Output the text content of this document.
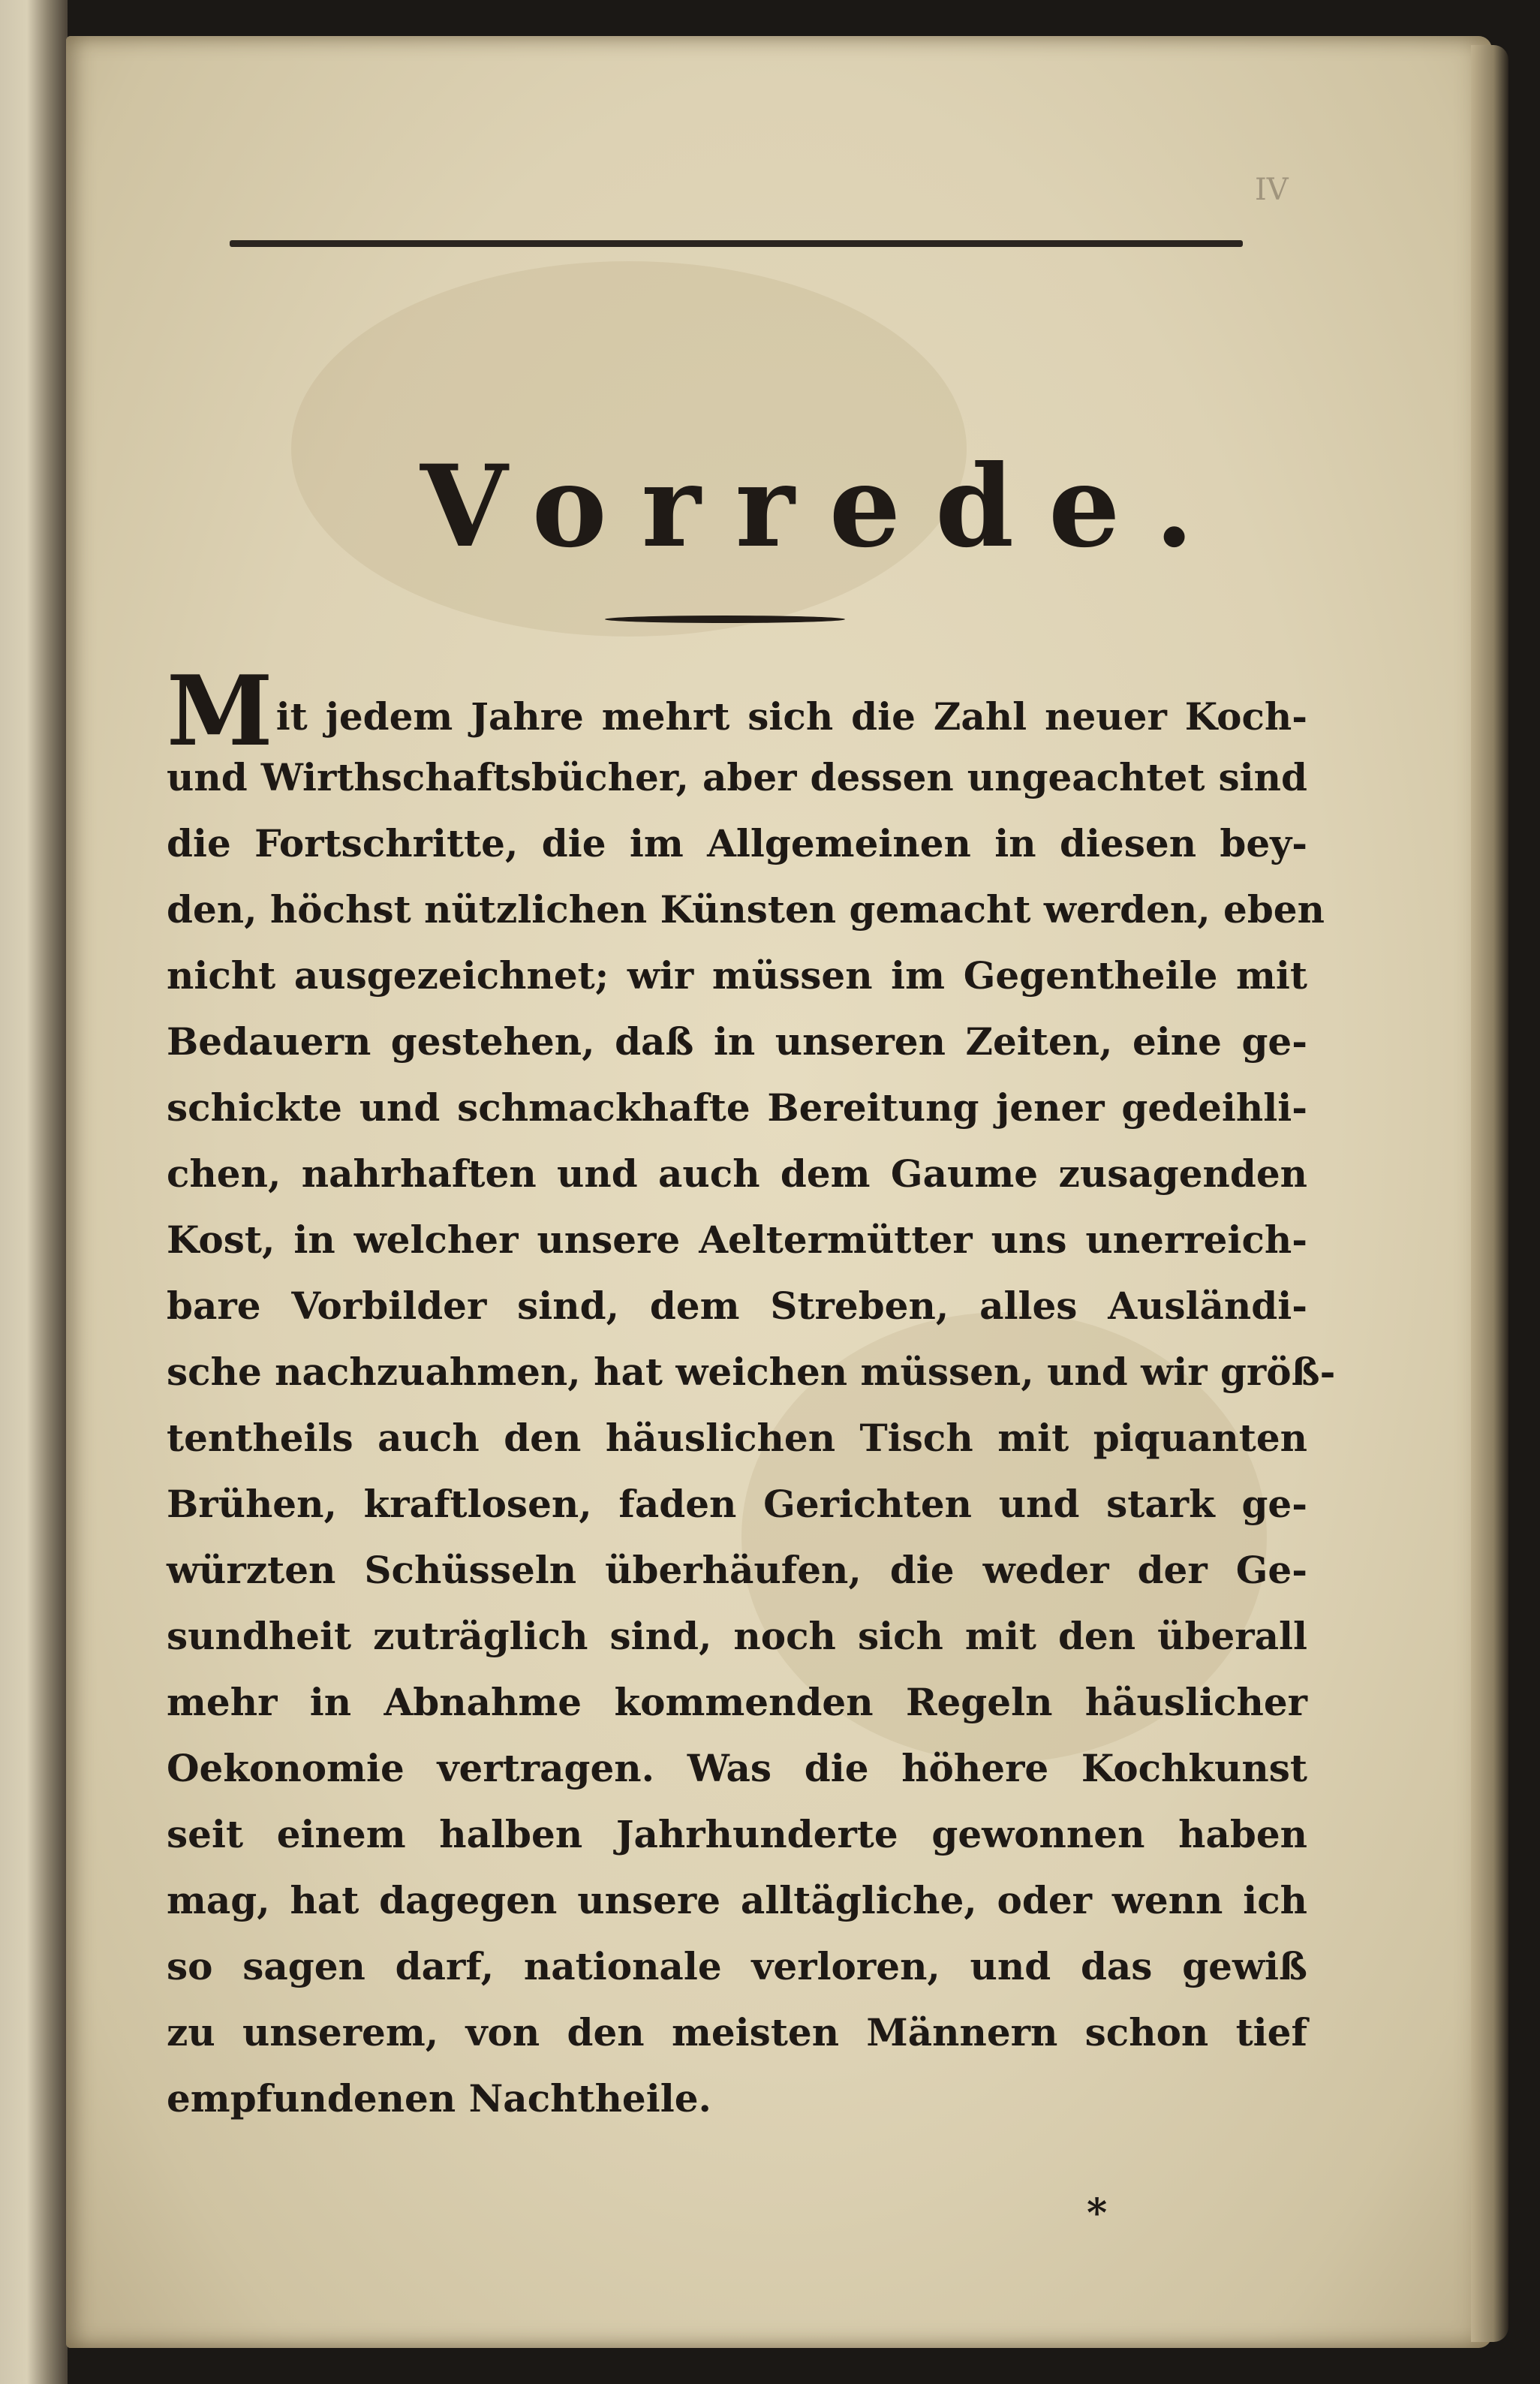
IV
Vorrede.
Mit jedem Jahre mehrt sich die Zahl neuer Koch-
und Wirthschaftsbücher, aber dessen ungeachtet sind
die Fortschritte, die im Allgemeinen in diesen bey-
den, höchst nützlichen Künsten gemacht werden, eben
nicht ausgezeichnet; wir müssen im Gegentheile mit
Bedauern gestehen, daß in unseren Zeiten, eine ge-
schickte und schmackhafte Bereitung jener gedeihli-
chen, nahrhaften und auch dem Gaume zusagenden
Kost, in welcher unsere Aeltermütter uns unerreich-
bare Vorbilder sind, dem Streben, alles Ausländi-
sche nachzuahmen, hat weichen müssen, und wir größ-
tentheils auch den häuslichen Tisch mit piquanten
Brühen, kraftlosen, faden Gerichten und stark ge-
würzten Schüsseln überhäufen, die weder der Ge-
sundheit zuträglich sind, noch sich mit den überall
mehr in Abnahme kommenden Regeln häuslicher
Oekonomie vertragen. Was die höhere Kochkunst
seit einem halben Jahrhunderte gewonnen haben
mag, hat dagegen unsere alltägliche, oder wenn ich
so sagen darf, nationale verloren, und das gewiß
zu unserem, von den meisten Männern schon tief
empfundenen Nachtheile.
*
